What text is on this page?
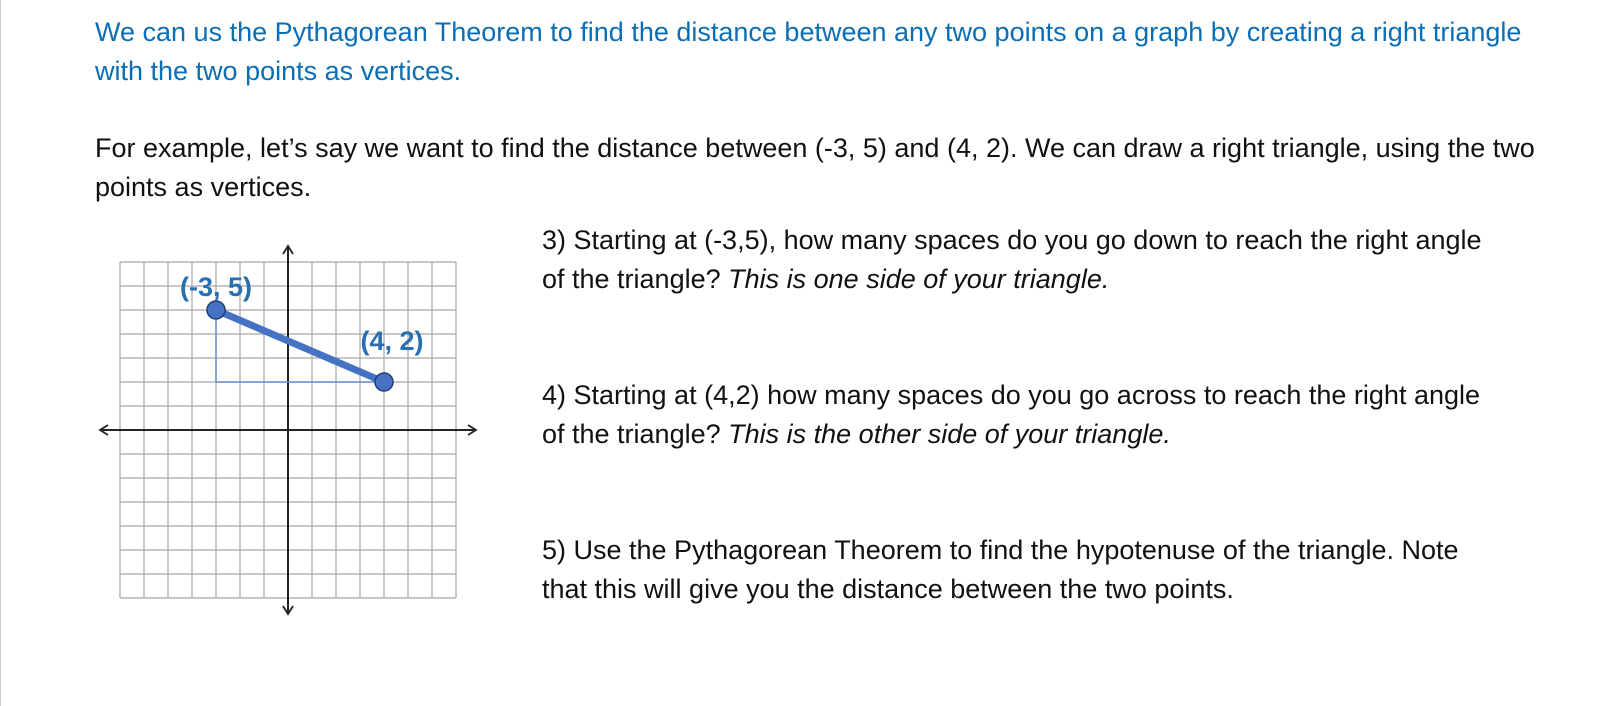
We can us the Pythagorean Theorem to find the distance between any two points on a graph by creating a right triangle with the two points as vertices.
For example, let’s say we want to find the distance between (-3, 5) and (4, 2). We can draw a right triangle, using the two points as vertices.
(-3, 5)
(4, 2)
3) Starting at (-3,5), how many spaces do you go down to reach the right angle of the triangle? This is one side of your triangle.
4) Starting at (4,2) how many spaces do you go across to reach the right angle of the triangle? This is the other side of your triangle.
5) Use the Pythagorean Theorem to find the hypotenuse of the triangle. Note that this will give you the distance between the two points.
